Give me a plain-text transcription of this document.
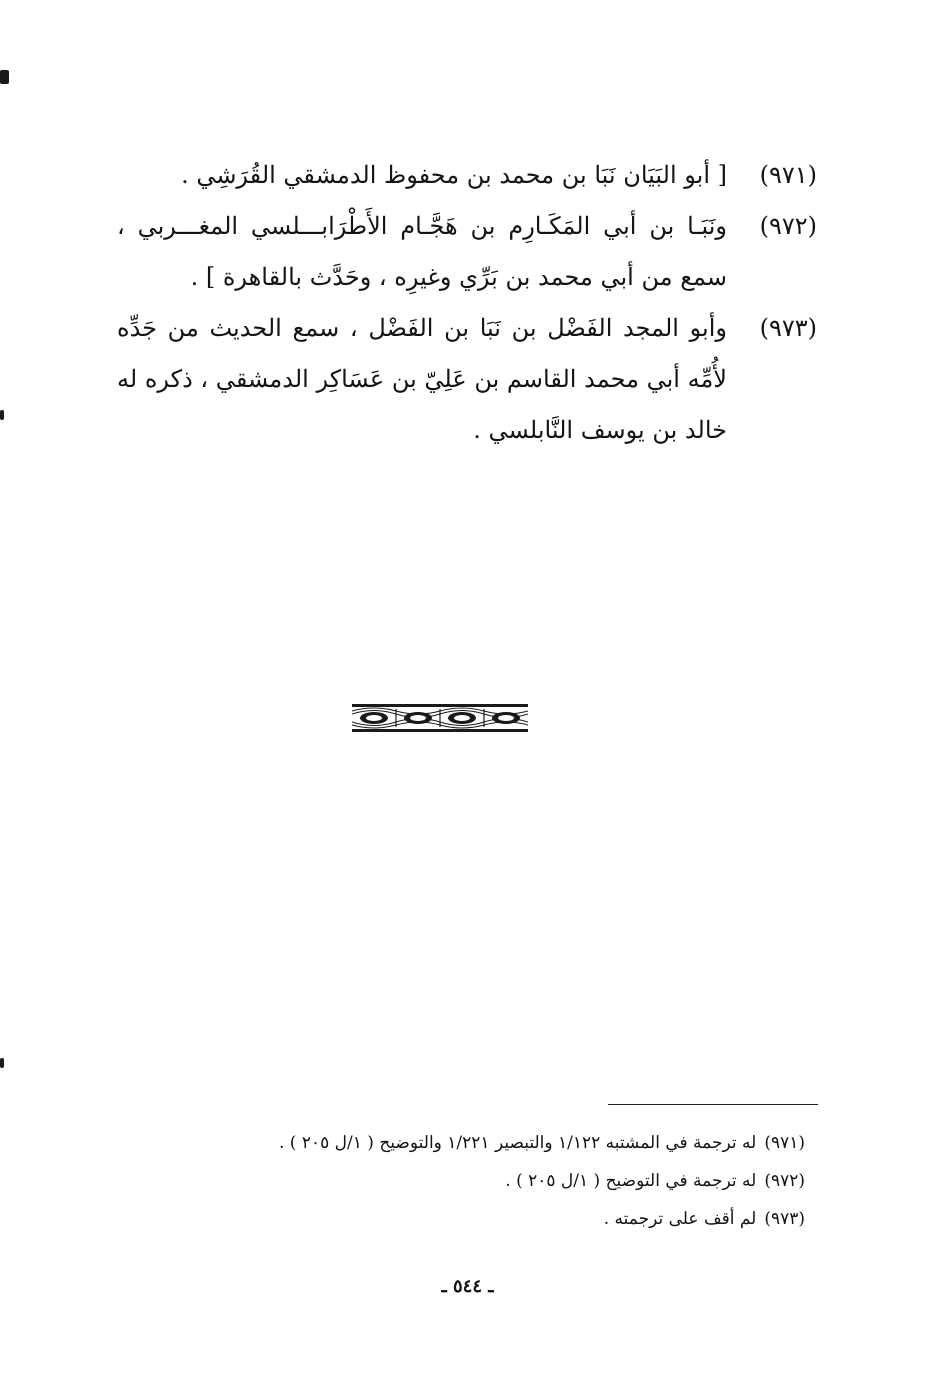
(٩٧١)
[ أبو البَيَان نَبَا بن محمد بن محفوظ الدمشقي القُرَشِي .
(٩٧٢)
ونَبَـا بن أبي المَكَـارِم بن هَجَّـام الأَطْرَابـــلسي المغـــربي ، سمع من أبي محمد بن بَرِّي وغيرِه ، وحَدَّث بالقاهرة ] .
(٩٧٣)
وأبو المجد الفَضْل بن نَبَا بن الفَضْل ، سمع الحديث من جَدِّه لأُمِّه أبي محمد القاسم بن عَلِيّ بن عَسَاكِر الدمشقي ، ذكره له خالد بن يوسف النَّابلسي .
(٩٧١)له ترجمة في المشتبه ١/١٢٢ والتبصير ١/٢٢١ والتوضيح ( ١/ل ٢٠٥ ) .
(٩٧٢)له ترجمة في التوضيح ( ١/ل ٢٠٥ ) .
(٩٧٣)لم أقف على ترجمته .
ـ ٥٤٤ ـ
